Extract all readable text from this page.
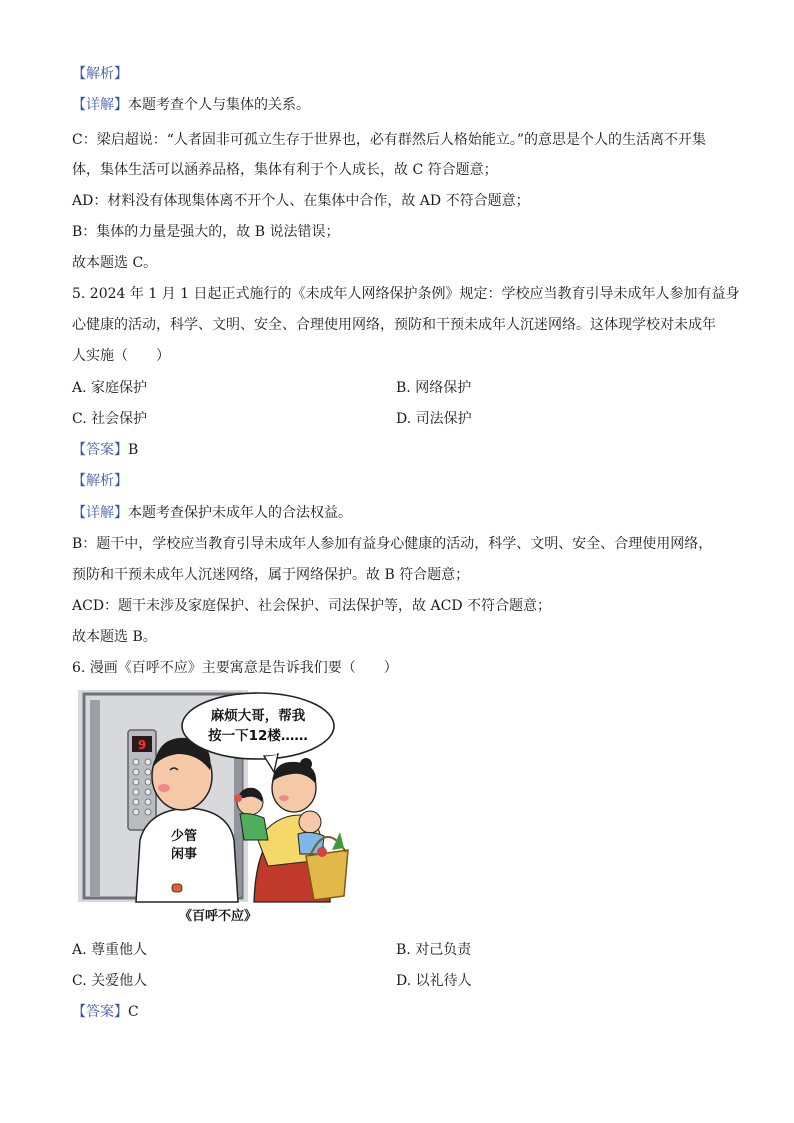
【解析】
【详解】本题考查个人与集体的关系。
C：梁启超说：“人者固非可孤立生存于世界也，必有群然后人格始能立。”的意思是个人的生活离不开集
体，集体生活可以涵养品格，集体有利于个人成长，故 C 符合题意；
AD：材料没有体现集体离不开个人、在集体中合作，故 AD 不符合题意；
B：集体的力量是强大的，故 B 说法错误；
故本题选 C。
5. 2024 年 1 月 1 日起正式施行的《未成年人网络保护条例》规定：学校应当教育引导未成年人参加有益身
心健康的活动，科学、文明、安全、合理使用网络，预防和干预未成年人沉迷网络。这体现学校对未成年
人实施（　　）
A. 家庭保护	B. 网络保护
C. 社会保护	D. 司法保护
【答案】B
【解析】
【详解】本题考查保护未成年人的合法权益。
B：题干中，学校应当教育引导未成年人参加有益身心健康的活动，科学、文明、安全、合理使用网络，
预防和干预未成年人沉迷网络，属于网络保护。故 B 符合题意；
ACD：题干未涉及家庭保护、社会保护、司法保护等，故 ACD 不符合题意；
故本题选 B。
6. 漫画《百呼不应》主要寓意是告诉我们要（　　）
9
少管
闲事
麻烦大哥，帮我
按一下12楼……
《百呼不应》
A. 尊重他人	B. 对己负责
C. 关爱他人	D. 以礼待人
【答案】C
